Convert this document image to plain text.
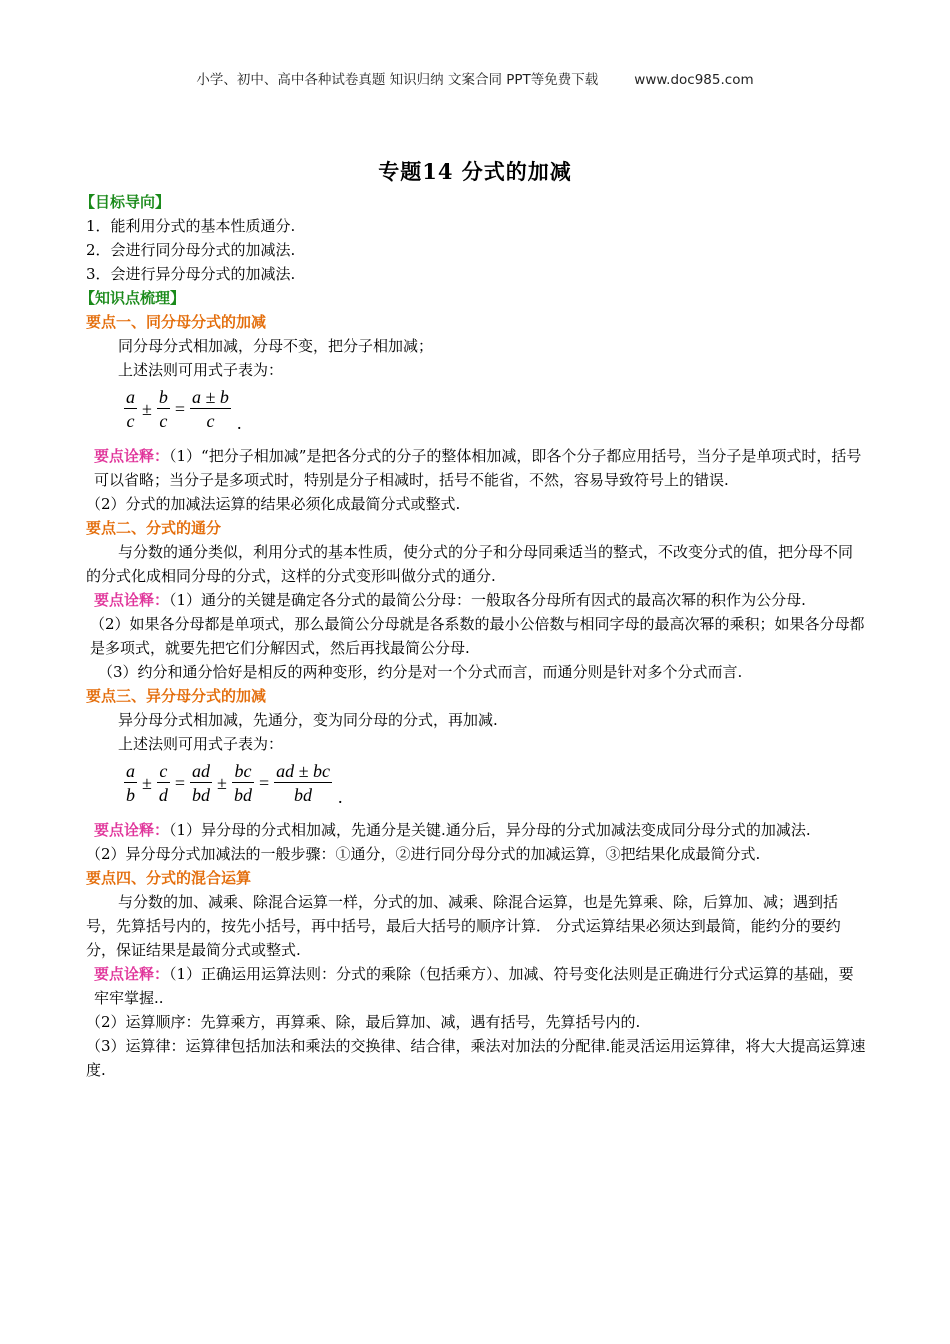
小学、初中、高中各种试卷真题 知识归纳 文案合同 PPT等免费下载	www.doc985.com
专题14 分式的加减

【目标导向】

1．能利用分式的基本性质通分.

2．会进行同分母分式的加减法.

3．会进行异分母分式的加减法.

【知识点梳理】

要点一、同分母分式的加减

同分母分式相加减，分母不变，把分子相加减；

上述法则可用式子表为：

$\frac{a}{c} \pm \frac{b}{c} = \frac{a \pm b}{c}$ .

要点诠释：（1）“把分子相加减”是把各分式的分子的整体相加减，即各个分子都应用括号，当分子是单项式时，括号可以省略；当分子是多项式时，特别是分子相减时，括号不能省，不然，容易导致符号上的错误.

（2）分式的加减法运算的结果必须化成最简分式或整式.

要点二、分式的通分

与分数的通分类似，利用分式的基本性质，使分式的分子和分母同乘适当的整式，不改变分式的值，把分母不同的分式化成相同分母的分式，这样的分式变形叫做分式的通分.

要点诠释：（1）通分的关键是确定各分式的最简公分母：一般取各分母所有因式的最高次幂的积作为公分母.

（2）如果各分母都是单项式，那么最简公分母就是各系数的最小公倍数与相同字母的最高次幂的乘积；如果各分母都是多项式，就要先把它们分解因式，然后再找最简公分母.

（3）约分和通分恰好是相反的两种变形，约分是对一个分式而言，而通分则是针对多个分式而言.

要点三、异分母分式的加减

异分母分式相加减，先通分，变为同分母的分式，再加减.

上述法则可用式子表为：

$\frac{a}{b} \pm \frac{c}{d} = \frac{ad}{bd} \pm \frac{bc}{bd} = \frac{ad \pm bc}{bd}$ .

要点诠释：（1）异分母的分式相加减，先通分是关键.通分后，异分母的分式加减法变成同分母分式的加减法.

（2）异分母分式加减法的一般步骤：①通分，②进行同分母分式的加减运算，③把结果化成最简分式.

要点四、分式的混合运算

与分数的加、减乘、除混合运算一样，分式的加、减乘、除混合运算，也是先算乘、除，后算加、减；遇到括号，先算括号内的，按先小括号，再中括号，最后大括号的顺序计算． 分式运算结果必须达到最简，能约分的要约分，保证结果是最简分式或整式.

要点诠释：（1）正确运用运算法则：分式的乘除（包括乘方）、加减、符号变化法则是正确进行分式运算的基础，要牢牢掌握..

（2）运算顺序：先算乘方，再算乘、除，最后算加、减，遇有括号，先算括号内的.

（3）运算律：运算律包括加法和乘法的交换律、结合律，乘法对加法的分配律.能灵活运用运算律，将大大提高运算速度.
